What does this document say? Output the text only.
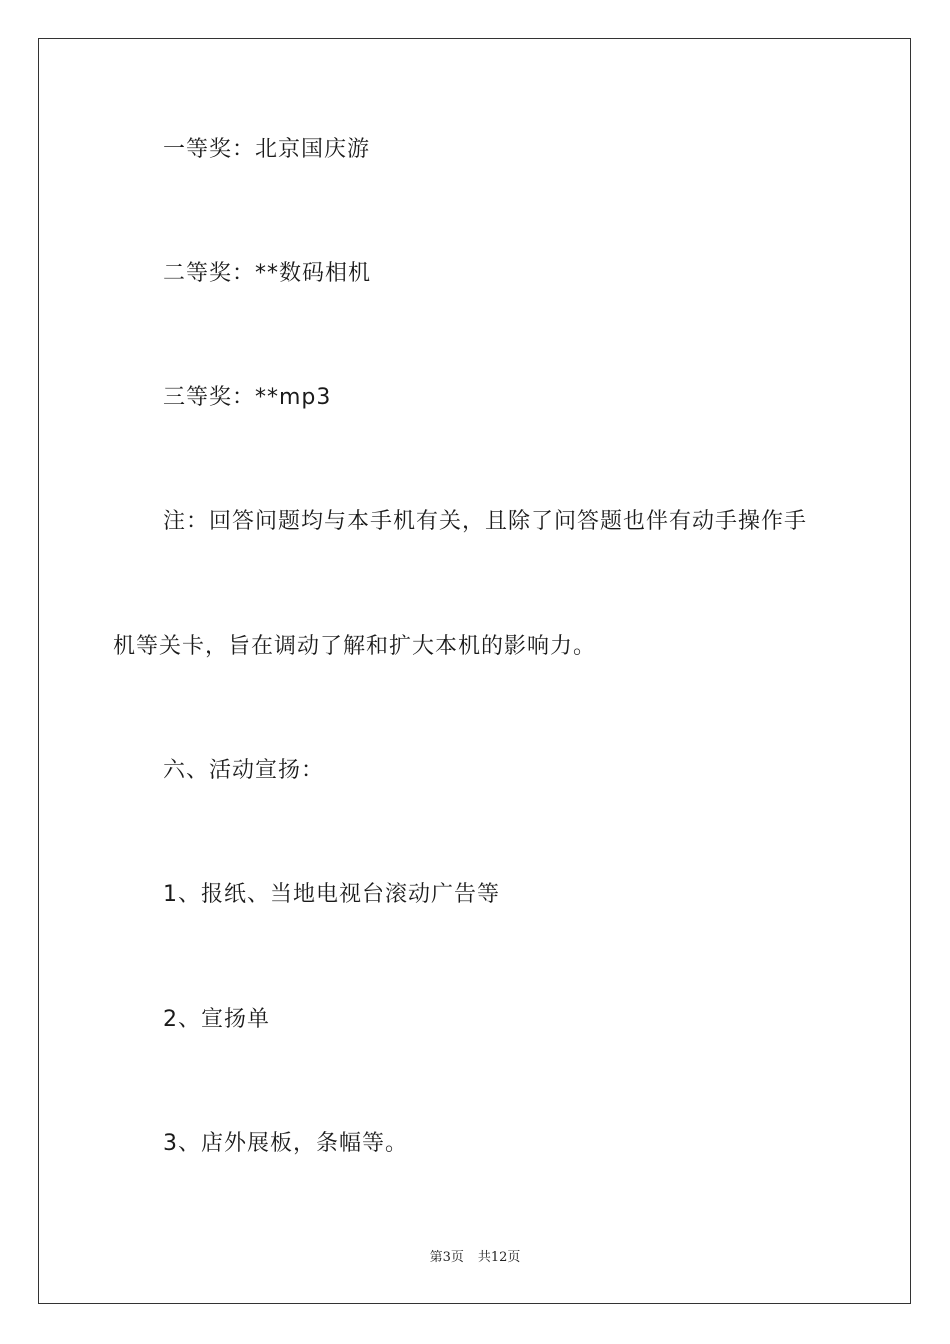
一等奖：北京国庆游
二等奖：**数码相机
三等奖：**mp3
注：回答问题均与本手机有关，且除了问答题也伴有动手操作手
机等关卡，旨在调动了解和扩大本机的影响力。
六、活动宣扬：
1、报纸、当地电视台滚动广告等
2、宣扬单
3、店外展板，条幅等。
第3页 共12页
